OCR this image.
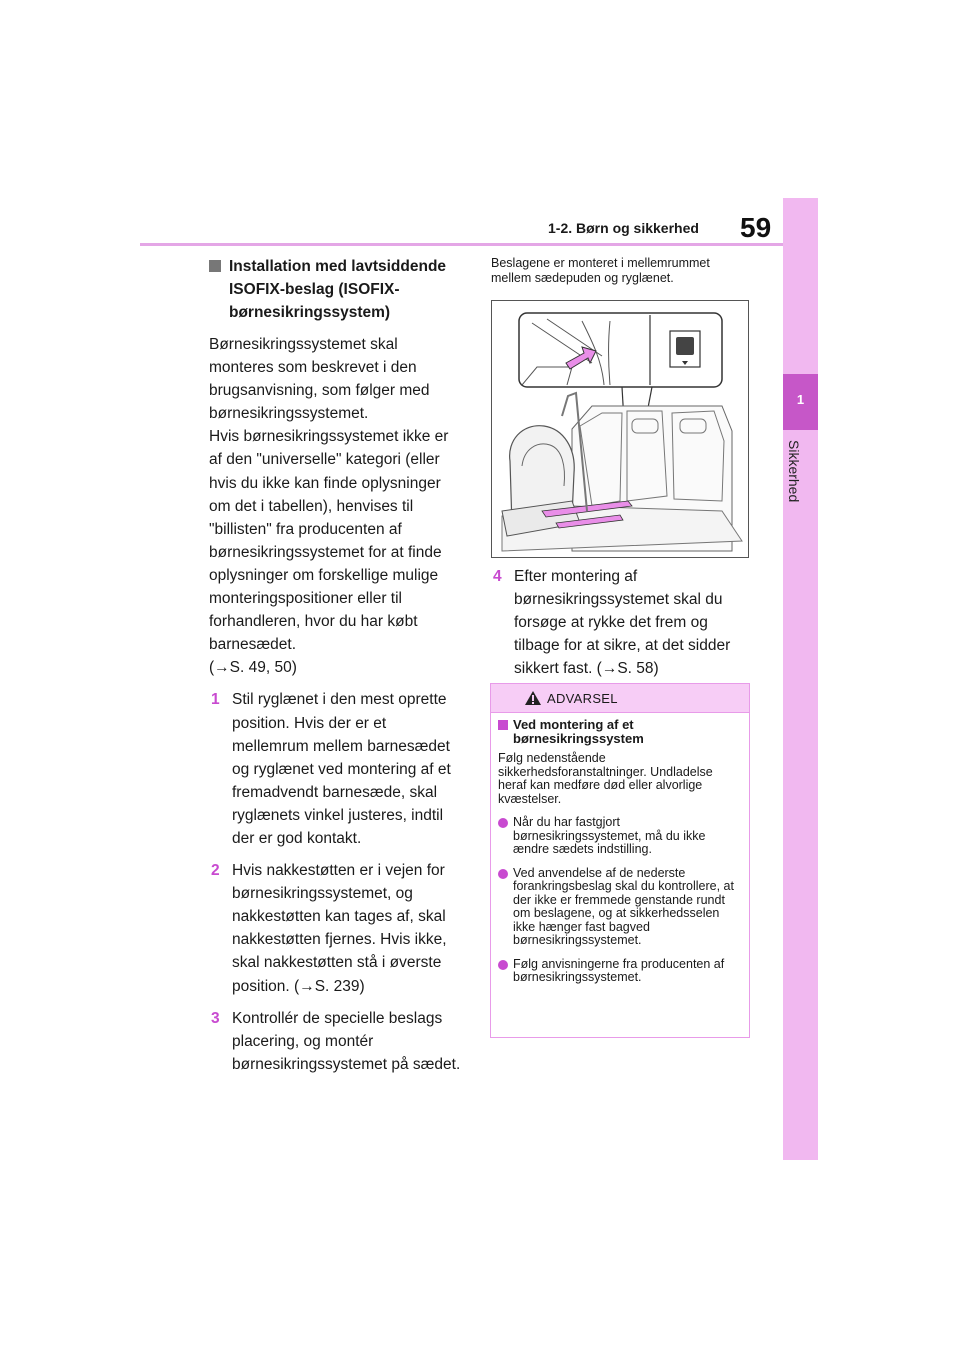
1-2. Børn og sikkerhed 59
1
Sikkerhed
Installation med lavtsiddende ISOFIX-beslag (ISOFIX-børnesikringssystem)
Børnesikringssystemet skal monteres som beskrevet i den brugsanvisning, som følger med børnesikringssystemet.
Hvis børnesikringssystemet ikke er af den "universelle" kategori (eller hvis du ikke kan finde oplysninger om det i tabellen), henvises til "billisten" fra producenten af børnesikringssystemet for at finde oplysninger om forskellige mulige monteringspositioner eller til forhandleren, hvor du har købt barnesædet.
(→S. 49, 50)
1 Stil ryglænet i den mest oprette position. Hvis der er et mellemrum mellem barnesædet og ryglænet ved montering af et fremadvendt barnesæde, skal ryglænets vinkel justeres, indtil der er god kontakt.
2 Hvis nakkestøtten er i vejen for børnesikringssystemet, og nakkestøtten kan tages af, skal nakkestøtten fjernes. Hvis ikke, skal nakkestøtten stå i øverste position. (→S. 239)
3 Kontrollér de specielle beslags placering, og montér børnesikringssystemet på sædet.
Beslagene er monteret i mellemrummet mellem sædepuden og ryglænet.
4 Efter montering af børnesikringssystemet skal du forsøge at rykke det frem og tilbage for at sikre, at det sidder sikkert fast. (→S. 58)
ADVARSEL
Ved montering af et børnesikringssystem
Følg nedenstående sikkerhedsforanstaltninger. Undladelse heraf kan medføre død eller alvorlige kvæstelser.
Når du har fastgjort børnesikringssystemet, må du ikke ændre sædets indstilling.
Ved anvendelse af de nederste forankringsbeslag skal du kontrollere, at der ikke er fremmede genstande rundt om beslagene, og at sikkerhedsselen ikke hænger fast bagved børnesikringssystemet.
Følg anvisningerne fra producenten af børnesikringssystemet.
